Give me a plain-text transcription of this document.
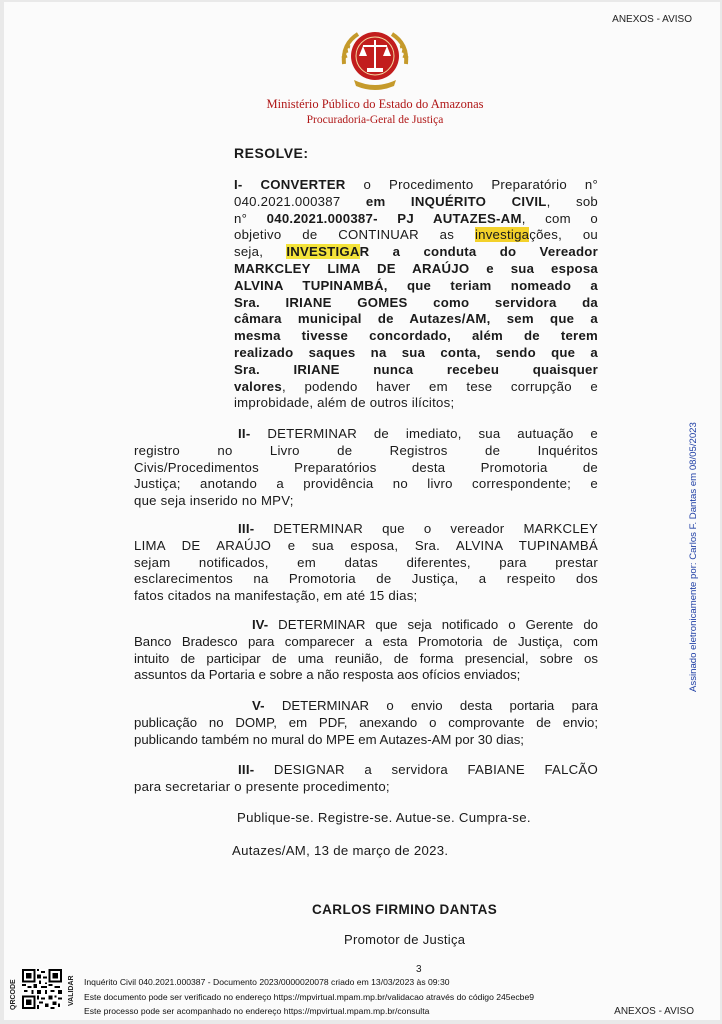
ANEXOS - AVISO
Ministério Público do Estado do Amazonas
Procuradoria-Geral de Justiça
RESOLVE:
I- CONVERTER o Procedimento Preparatório n°
040.2021.000387 em INQUÉRITO CIVIL, sob
n° 040.2021.000387- PJ AUTAZES-AM, com o
objetivo de CONTINUAR as investigações, ou
seja, INVESTIGAR a conduta do Vereador
MARKCLEY LIMA DE ARAÚJO e sua esposa
ALVINA TUPINAMBÁ, que teriam nomeado a
Sra. IRIANE GOMES como servidora da
câmara municipal de Autazes/AM, sem que a
mesma tivesse concordado, além de terem
realizado saques na sua conta, sendo que a
Sra. IRIANE nunca recebeu quaisquer
valores, podendo haver em tese corrupção e
improbidade, além de outros ilícitos;
II- DETERMINAR de imediato, sua autuação e
registro no Livro de Registros de Inquéritos
Civis/Procedimentos Preparatórios desta Promotoria de
Justiça; anotando a providência no livro correspondente; e
que seja inserido no MPV;
III- DETERMINAR que o vereador MARKCLEY
LIMA DE ARAÚJO e sua esposa, Sra. ALVINA TUPINAMBÁ
sejam notificados, em datas diferentes, para prestar
esclarecimentos na Promotoria de Justiça, a respeito dos
fatos citados na manifestação, em até 15 dias;
IV- DETERMINAR que seja notificado o Gerente do
Banco Bradesco para comparecer a esta Promotoria de Justiça, com
intuito de participar de uma reunião, de forma presencial, sobre os
assuntos da Portaria e sobre a não resposta aos ofícios enviados;
V- DETERMINAR o envio desta portaria para
publicação no DOMP, em PDF, anexando o comprovante de envio;
publicando também no mural do MPE em Autazes-AM por 30 dias;
III- DESIGNAR a servidora FABIANE FALCÃO
para secretariar o presente procedimento;
Publique-se. Registre-se. Autue-se. Cumpra-se.
Autazes/AM, 13 de março de 2023.
CARLOS FIRMINO DANTAS
Promotor de Justiça
Assinado eletronicamente por: Carlos F. Dantas em 08/05/2023
QRCODE	VALIDAR
3
Inquérito Civil 040.2021.000387 - Documento 2023/0000020078 criado em 13/03/2023 às 09:30
Este documento pode ser verificado no endereço https://mpvirtual.mpam.mp.br/validacao através do código 245ecbe9
Este processo pode ser acompanhado no endereço https://mpvirtual.mpam.mp.br/consulta	ANEXOS - AVISO
